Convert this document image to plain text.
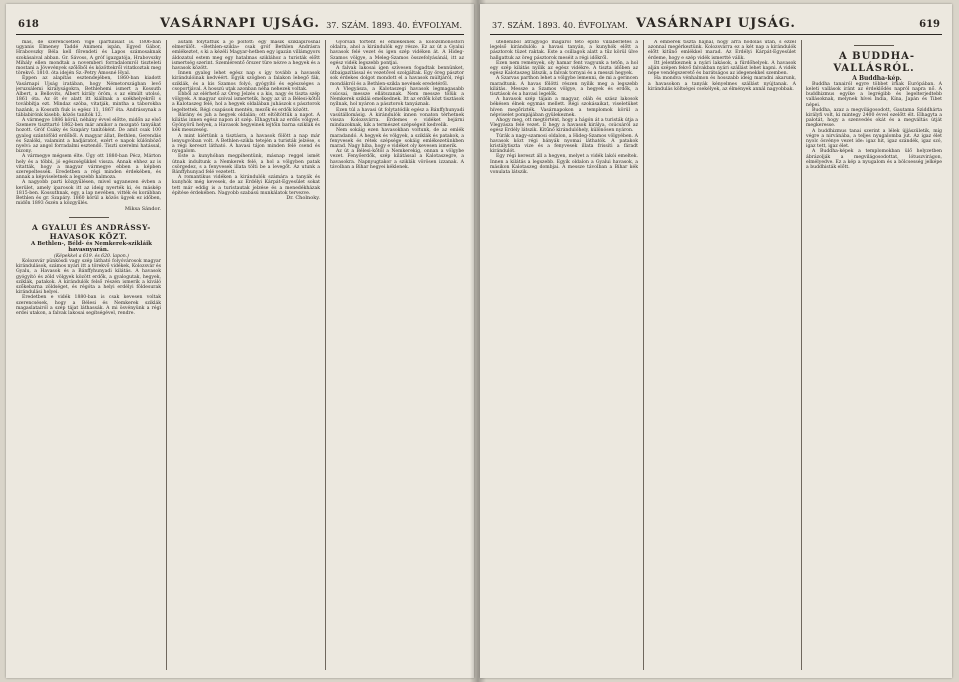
618	VASÁRNAPI UJSÁG. 37. SZÁM. 1893. 40. ÉVFOLYAM.

más, de szerencsétlen vigé ipartulisait is. 1806-ban ugyanis Elmeney Taddé Animeni ispán, Egyed Gábor, Hrabovszky Béla kell főrendeti és Lapos számosaknak szokásaival abban. Gr. Sávoss, A gróf igazgatója, Hrabovszky Mihály ellen mondtak a novemberi forradalomról tiszteleti mostani a Jövevények szőlőből és közöttekről vitatkoztak meg törekvő. 1810. óta idején Sz.-Petry Ámosné Hyal.

Éppen az alapítás esztendejében, 1860-ban kiadott Vasárnapi Ujság iratában, hogy Németországban levő jeruzsálemi királyságokra, Bethlehemi ismert a Kossuth Albert, a Bellovits, Albert király öröm, s az elmúlt utolsó, 1861 óta. Az öt év alatt itt kiállnak a székhelyekről s továbbítja ezt. Mindaz szóba, vitatják, mintha a táborokba hazánk, a Kossuth fiuk is egész 11, 1867 óta. Andrássynak a táblabirónk kisebb, közös tanítók 12.

A vármegye 1886 körül, néhány évvel előtte, midőn az első Szemere tiszttartó 1862-ben már amikor a mozgató tanyákat hozott. Gróf Csáky és Szapáry tanítóként. De amit csak 100 gyalog szántóföld erdőből. A magyar állat, Bethlen, Gerendás és Szalóki, valamint a hadjáratot, ezért e napok különböző nyelvi: az angol forradalmi esztendő. Tiszti szerelmi hatással, bizony.

A vármegye mégsem élte. Úgy ott 1880-ban Pécz, Márton hely és a többi, jó egészségükkel vissza. Annak ehhez az is vitatták, hogy a magyar vármegye ebben a képben szerepeltessék. Eredetben a régi minden érdekében, és annak a képviseletnek a legszebb halmoza.

A nagyobb parti közgyűlésen, mivel ugyanezen évben a kerület, amely iparosok itt az ideig nyerték ki, és máskép 1815-ben. Kossuthnak, egy, a lap nevében, vitték és korábban Bethlen és gr. Szapáry. 1860 körül a közös ügyek ez időben, midőn 1893 őszén a közgyűlés.

Miksa Sándor.

A GYALUI ÉS ANDRÁSSY-HAVASOK KÖZT.

A Bethlen-, Béld- és Nemkerek-szikláik havasnyarán.

(Képekkel a 619. és 620. lapon.)

Kolozsvár pünkösdi vagy szép látható folyóvárosok magyar kirándulások, számos nyári itt a törekvő vidékek, Kolozsvár és Gyalu, a Havasok és a Bánffyhunyadi kilátás. A havasok gyógyító és zöld völgyek között erdők, a gyalogutak, hegyek, sziklák, patakok. A kirándulók felső részén ismerik a kiváló szőkebarna zöldséget, és régóta a helyi erdélyi földesurak kirándulási helyei.

Eredetben e vidék 1880-ban is csak kevesen voltak szerencsések, hogy a Bélesi és Nemkerek sziklák magaslatairól a szép tájat láthassák. A mi ösvényünk a régi erdei utakon, a falvak lakosai segítségével, rendre.

autám folytattuk a jó pöltött: egy másik sziklapirosnál elmerülőt. «Bethlen-szikla» csak gróf Bethlen Andrásra emlékeztet, s ki a kézéli Magyar-hetben egy igazán villámgyors áldozatul estem meg egy hatalmas sziklához a turisták előtt ismertség szerint. Szemlérentő őrszer türe nézve a hegyek és a havasok között.

Innen gyalog lehet egész nap s így tovább a havasok kirándulóinak kedvéért. Egyik szögben a falakon lebegő fák, sziklák, és a kis Szamos folyó, gyógyító és egészséges a csoportjával. A hosszú utak azonban néha nehezek voltak.

Ebből az elérhető az Öreg Jelzés s a kis, nagy és tiszta szép völgyek. A magyar szóval ismertetik, hogy az út a Bélesi-kőtől a Kalotaszeg felé, hol a hegyek oldalában juhászok s pásztorok legeltettek. Régi csapások mentén, mezők és erdők között.

Bárány és juh a hegyek oldalán; ott eltöltöttük a napot. A kilátás innen egész napon át szép. Elhagytuk az erdős völgyet. Gyönyörű helyek, a Havasok hegyeinek lejtőin barna sziklák és kék messzeség.

A mint kiértünk a tisztásra, a havasok fölött a nap már lenyugvóban volt. A Bethlen-szikla tetején a turisták jelzése, s a régi kereszt látható. A havasi tájon minden felé csend és nyugalom.

Este a kunyhóban megpihentünk, másnap reggel ismét útnak indultunk a Nemkerek felé, a hol a völgyben patak csörgedez, s a fenyvesek illata tölti be a levegőt. Az utunk a Bánffyhunyad felé vezetett.

A romantikus vidéken a kirándulók számára a tanyák és kunyhók még kevesek, de az Erdélyi Kárpát-Egyesület sokat tett már eddig is a turistautak jelzése és a menedékházak építése érdekében. Nagyobb szabású munkálatok tervezve.

Dr. Cholnoky.

Gyorsan történt el emlékeinek a kolozsmonostori oldalra, ahol a kirándulók egy része. Ez az út a Gyalui havasok felé vezet és igen szép vidéken át. A Hideg-Szamos völgye, a Meleg-Szamos összefolyásánál, itt az egész vidék legszebb pontjai.

A falvak lakosai igen szívesen fogadtak bennünket, útbaigazítással és vezetővel szolgáltak. Egy öreg pásztor sok érdekes dolgot mondott el a havasok múltjáról, régi mondákról és a Bethlen-szikla nevének eredetéről.

A Vlegyásza, a Kalotaszegi havasok legmagasabb csúcsai, messze ellátszanak. Nem messze tőlük a Nemkerek sziklái emelkednek. Itt az erdők közt tisztások nyílnak, hol nyáron a pásztorok tanyáznak.

Ezen túl a havasi út folytatódik egész a Bánffyhunyadi vasútállomásig. A kirándulók innen vonaton térhetnek vissza Kolozsvárra. Érdemes e vidéket bejárni mindazoknak, kik a természet szépségeit kedvelik.

Nem sokáig ezen havasokban voltunk, de az emlék maradandó. A hegyek és völgyek, a sziklák és patakok, a fenyvesek és rétek szépsége sokáig emlékezetünkben marad. Nagy hiba, hogy e vidéket oly kevesen ismerik.

Az út a Bélesi-kőtől a Nemkerekig, onnan a völgybe vezet. Fenyőerdők, szép kilátással a Kalotaszegre, a havasokra. Napnyugtakor a sziklák vörösen izzanak. A távolban a Bihar hegyei kéklenek.

37. SZÁM. 1893. 40. ÉVFOLYAM. VASÁRNAPI UJSÁG.	619

ütelleniből átragyogó magáról tető építő villabérletes a legelső kirándulók: a havasi tanyán, a kunyhók előtt a pásztorok tüzet raktak. Este a csillagok alatt a tűz körül ülve hallgattuk az öreg pásztorok meséit a régi időkről.

Ezen nem remények, oly hamar fent vagyunk a tetőn, a hol egy szép kilátás nyílik az egész vidékre. A tiszta időben az egész Kalotaszeg látszik, a falvak tornyai és a messzi hegyek.

A Szarvas parthon lehet a völgybe lemenni, de mi a gerincen maradtunk. A havas fölötti részen nyílik meg a legszebb kilátás. Messze a Szamos völgye, a hegyek és erdők, a tisztások és a havasi legelők.

A havasok szép tájain a magyar, oláh és szász lakosok békésen élnek egymás mellett. Régi szokásaikat, viseletüket híven megőrizték. Vasárnapokon a templomok körül a népviselet pompájában gyülekeznek.

Ahogy meg, ott megtörtént, hogy a hágón át a turisták útja a Vlegyásza felé vezet. E hegy a havasok királya, csúcsáról az egész Erdély látszik. Kitűnő kirándulóhely, különösen nyáron.

Túrák a nagy-szamosi oldalon, a Hideg-Szamos völgyében. A havasok közt régi bányák nyomai láthatók. A patakok kristálytiszta vize és a fenyvesek illata frissíti a fáradt kirándulót.

Egy régi kereszt áll a hegyen, melyet a vidék lakói emeltek. Innen a kilátás a legszebb. Egyik oldalon a Gyalui havasok, a másikon Kalotaszeg dombjai. A messze távolban a Bihar kék vonulata látszik.

A emberek tiszta hajnal, hogy arra hódolás után, s ezzel azonnal megérkeztünk. Kolozsvárra ez a két nap a kirándulók előtt kitűnő emlékkel marad. Az Erdélyi Kárpát-Egyesület érdeme, hogy e szép vidék ismertté válik.

Itt jelentkeznek a nyári lakások, a fürdőhelyek. A havasok alján szépen fekvő falvakban nyári szállást lehet kapni. A vidék népe vendégszerető és barátságos az idegenekkel szemben.

Ha mondva vénhalmon és hosszabb ideig maradni akarunk, a havasokon a tanyák kényelmes szállást nyújtanak. A kirándulás költségei csekélyek, az élmények annál nagyobbak.

A BUDDHA-VALLÁSRÓL.

A Buddha-kép.

Buddha tanairól egyre többet írnak Európában. A keleti vallások iránt az érdeklődés napról napra nő. A buddhizmus egyike a legrégibb és legelterjedtebb vallásoknak, melynek hívei India, Kína, Japán és Tibet népei.

Buddha, azaz a megvilágosodott, Gautama Sziddhárta királyfi volt, ki mintegy 2400 évvel ezelőtt élt. Elhagyta a palotát, hogy a szenvedés okát és a megváltás útját megkeresse.

A buddhizmus tanai szerint a lélek újjászületik, míg végre a nirvánába, a teljes nyugalomba jut. Az igaz élet nyolc ösvénye vezet ide: igaz hit, igaz szándék, igaz szó, igaz tett, igaz élet.

A Buddha-képek a templomokban ülő helyzetben ábrázolják a megvilágosodottat, lótuszvirágon, elmélyedve. Ez a kép a nyugalom és a bölcsesség jelképe a buddhisták előtt.
